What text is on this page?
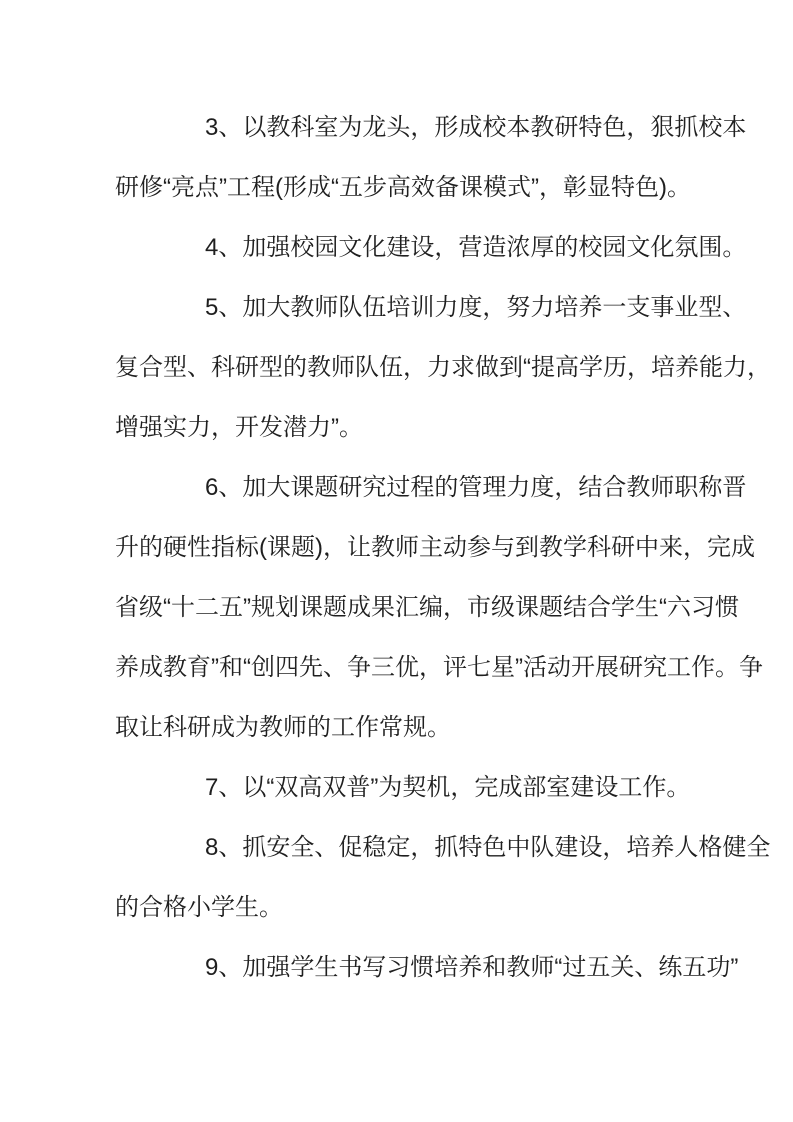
3、以教科室为龙头，形成校本教研特色，狠抓校本
研修“亮点”工程(形成“五步高效备课模式”，彰显特色)。
4、加强校园文化建设，营造浓厚的校园文化氛围。
5、加大教师队伍培训力度，努力培养一支事业型、
复合型、科研型的教师队伍，力求做到“提高学历，培养能力，
增强实力，开发潜力”。
6、加大课题研究过程的管理力度，结合教师职称晋
升的硬性指标(课题)，让教师主动参与到教学科研中来，完成
省级“十二五”规划课题成果汇编，市级课题结合学生“六习惯
养成教育”和“创四先、争三优，评七星”活动开展研究工作。争
取让科研成为教师的工作常规。
7、以“双高双普”为契机，完成部室建设工作。
8、抓安全、促稳定，抓特色中队建设，培养人格健全
的合格小学生。
9、加强学生书写习惯培养和教师“过五关、练五功”
